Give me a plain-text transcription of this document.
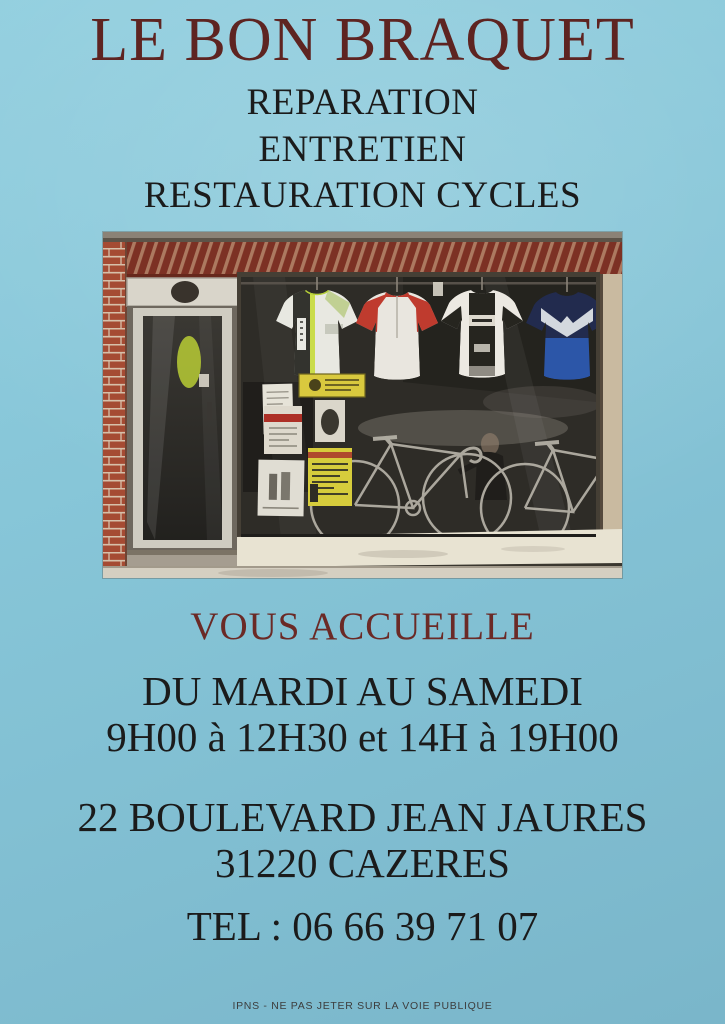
LE BON BRAQUET
REPARATION
ENTRETIEN
RESTAURATION CYCLES
VOUS ACCUEILLE
DU MARDI AU SAMEDI
9H00 à 12H30 et 14H à 19H00
22 BOULEVARD JEAN JAURES
31220 CAZERES
TEL : 06 66 39 71 07
IPNS - NE PAS JETER SUR LA VOIE PUBLIQUE
